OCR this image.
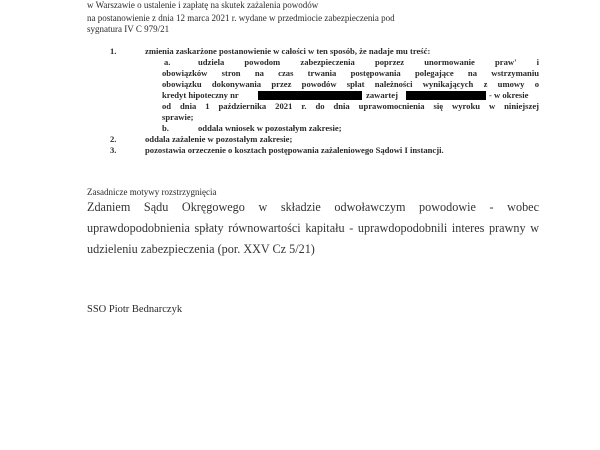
w Warszawie o ustalenie i zapłatę na skutek zażalenia powodów
na postanowienie z dnia 12 marca 2021 r. wydane w przedmiocie zabezpieczenia pod
sygnatura IV C 979/21
1.	zmienia zaskarżone postanowienie w całości w ten sposób, że nadaje mu treść:
a.	udziela powodom zabezpieczenia poprzez unormowanie praw' i
obowiązków stron na czas trwania postępowania polegające na wstrzymaniu
obowiązku dokonywania przez powodów spłat należności wynikających z umowy o
kredyt hipoteczny nr	zawartej	- w okresie
od dnia 1 października 2021 r. do dnia uprawomocnienia się wyroku w niniejszej
sprawie;
b.	oddala wniosek w pozostałym zakresie;
2.	oddala zażalenie w pozostałym zakresie;
3.	pozostawia orzeczenie o kosztach postępowania zażaleniowego Sądowi I instancji.
Zasadnicze motywy rozstrzygnięcia
Zdaniem Sądu Okręgowego w składzie odwoławczym powodowie - wobec
uprawdopodobnienia spłaty równowartości kapitału - uprawdopodobnili interes prawny w
udzieleniu zabezpieczenia (por. XXV Cz 5/21)
SSO Piotr Bednarczyk
